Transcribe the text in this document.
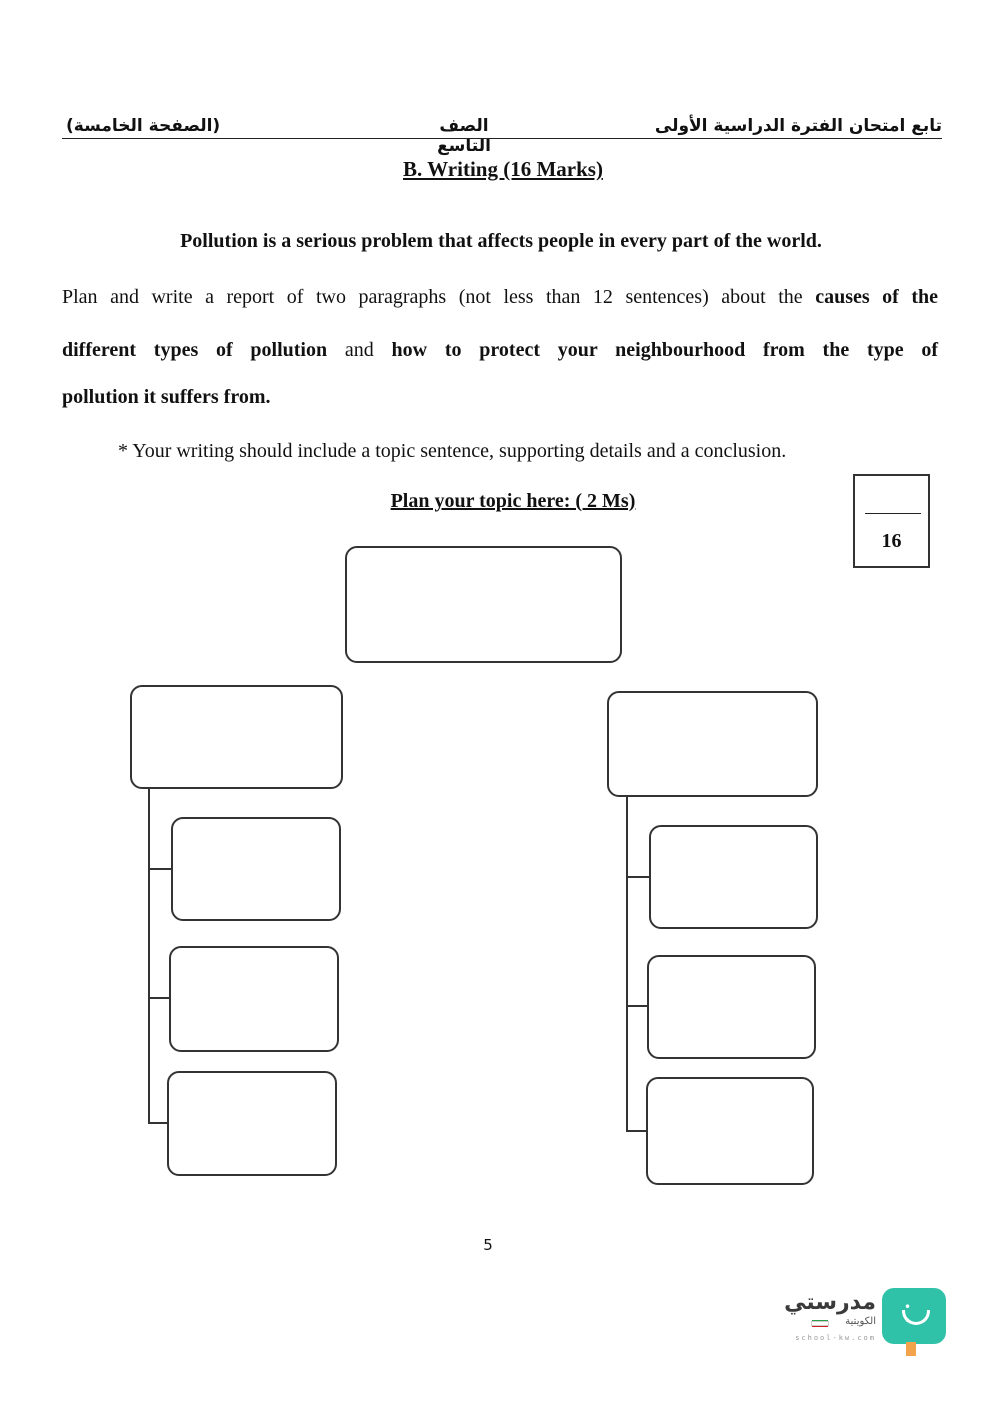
تابع امتحان الفترة الدراسية الأولى
الصف التاسع
(الصفحة الخامسة)
B. Writing (16 Marks)
Pollution is a serious problem that affects people in every part of the world.
Plan and write a report of two paragraphs (not less than 12 sentences) about the causes of the
different types of pollution and how to protect your neighbourhood from the type of
pollution it suffers from.
* Your writing should include a topic sentence, supporting details and a conclusion.
Plan your topic here: ( 2 Ms)
16
5
• •
مدرستي
الكويتية
school-kw.com
